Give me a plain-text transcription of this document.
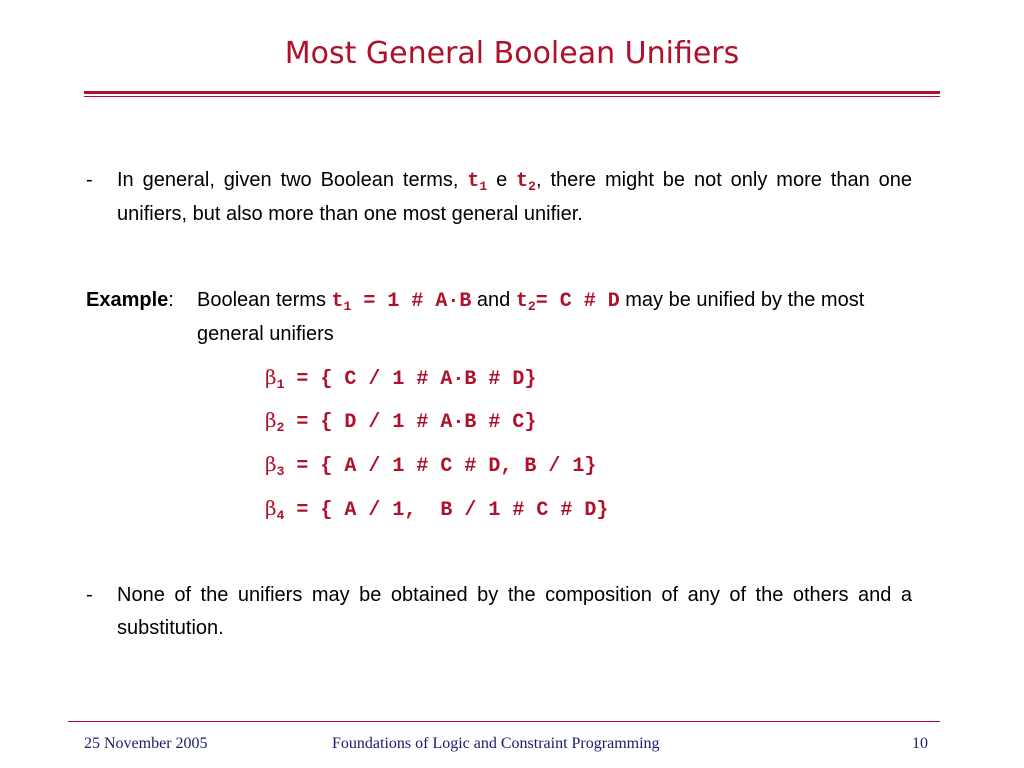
Most General Boolean Unifiers
- In general, given two Boolean terms, $t_1$ e $t_2$, there might be not only more than one unifiers, but also more than one most general unifier.
Example: Boolean terms $t_1 = 1$ # A·B and $t_2= C$ # D may be unified by the most general unifiers
$\beta_1$ = { C / 1 # A·B # D}
$\beta_2$ = { D / 1 # A·B # C}
$\beta_3$ = { A / 1 # C # D, B / 1}
$\beta_4$ = { A / 1,  B / 1 # C # D}
- None of the unifiers may be obtained by the composition of any of the others and a substitution.
25 November 2005	Foundations of Logic and Constraint Programming	10
